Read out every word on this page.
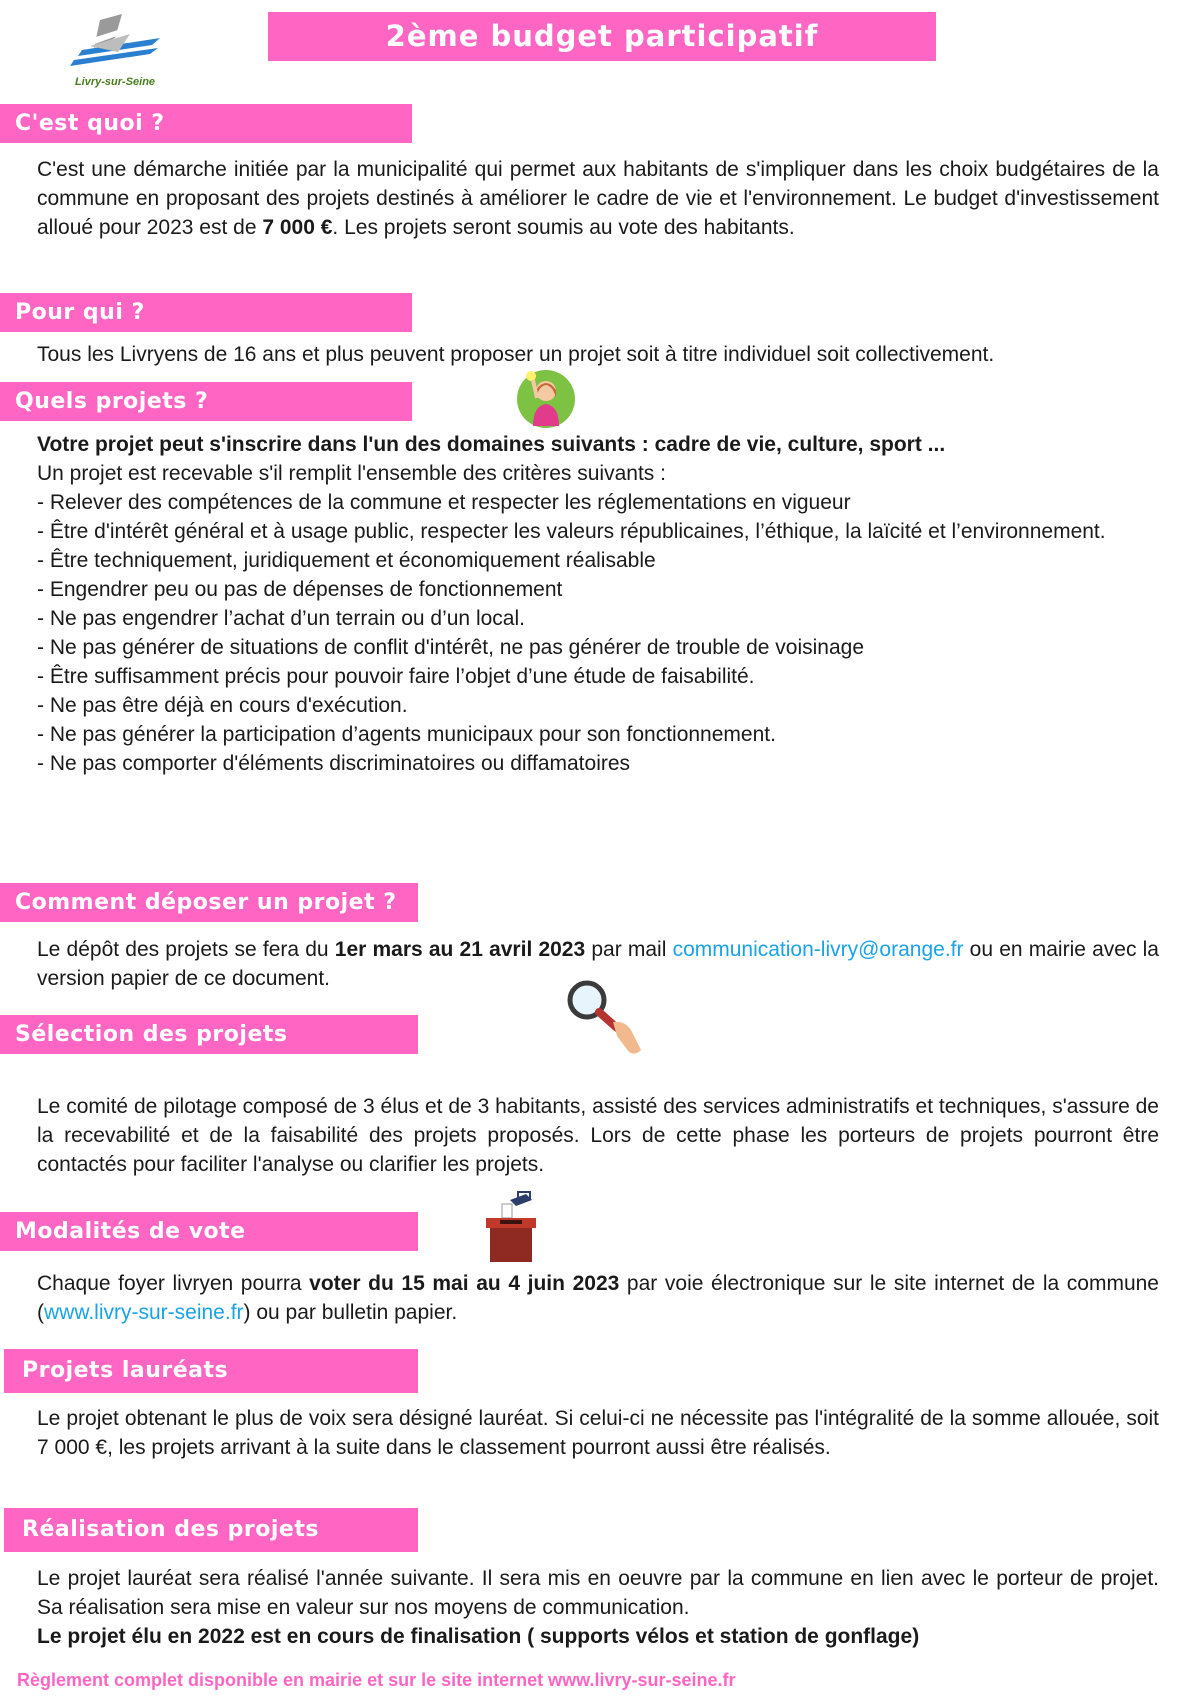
Livry-sur-Seine
2ème budget participatif
C'est quoi ?

C'est une démarche initiée par la municipalité qui permet aux habitants de s'impliquer dans les choix budgétaires de la commune en proposant des projets destinés à améliorer le cadre de vie et l'environnement. Le budget d'investissement alloué pour 2023 est de 7 000 €. Les projets seront soumis au vote des habitants.

Pour qui ?

Tous les Livryens de 16 ans et plus peuvent proposer un projet soit à titre individuel soit collectivement.

Quels projets ?
Votre projet peut s'inscrire dans l'un des domaines suivants : cadre de vie, culture, sport ...
Un projet est recevable s'il remplit l'ensemble des critères suivants :
- Relever des compétences de la commune et respecter les réglementations en vigueur
- Être d'intérêt général et à usage public, respecter les valeurs républicaines, l’éthique, la laïcité et l’environnement.
- Être techniquement, juridiquement et économiquement réalisable
- Engendrer peu ou pas de dépenses de fonctionnement
- Ne pas engendrer l’achat d’un terrain ou d’un local.
- Ne pas générer de situations de conflit d'intérêt, ne pas générer de trouble de voisinage
- Être suffisamment précis pour pouvoir faire l’objet d’une étude de faisabilité.
- Ne pas être déjà en cours d'exécution.
- Ne pas générer la participation d’agents municipaux pour son fonctionnement.
- Ne pas comporter d'éléments discriminatoires ou diffamatoires
Comment déposer un projet ?

Le dépôt des projets se fera du 1er mars au 21 avril 2023 par mail communication-livry@orange.fr ou en mairie avec la version papier de ce document.

Sélection des projets

Le comité de pilotage composé de 3 élus et de 3 habitants, assisté des services administratifs et techniques, s'assure de la recevabilité et de la faisabilité des projets proposés. Lors de cette phase les porteurs de projets pourront être contactés pour faciliter l'analyse ou clarifier les projets.

Modalités de vote

Chaque foyer livryen pourra voter du 15 mai au 4 juin 2023 par voie électronique sur le site internet de la commune (www.livry-sur-seine.fr) ou par bulletin papier.

Projets lauréats

Le projet obtenant le plus de voix sera désigné lauréat. Si celui-ci ne nécessite pas l'intégralité de la somme allouée, soit 7 000 €, les projets arrivant à la suite dans le classement pourront aussi être réalisés.

Réalisation des projets
Le projet lauréat sera réalisé l'année suivante. Il sera mis en oeuvre par la commune en lien avec le porteur de projet. Sa réalisation sera mise en valeur sur nos moyens de communication.
Le projet élu en 2022 est en cours de finalisation ( supports vélos et station de gonflage)
Règlement complet disponible en mairie et sur le site internet www.livry-sur-seine.fr
